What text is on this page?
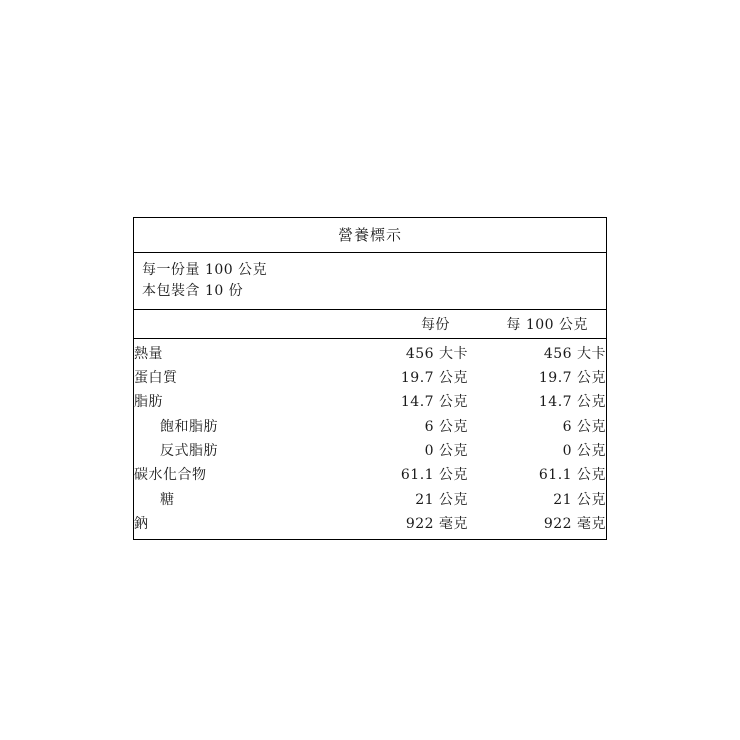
營養標示
每一份量 100 公克
本包裝含 10 份
每份	每 100 公克
熱量	456 大卡	456 大卡
蛋白質	19.7 公克	19.7 公克
脂肪	14.7 公克	14.7 公克
飽和脂肪	6 公克	6 公克
反式脂肪	0 公克	0 公克
碳水化合物	61.1 公克	61.1 公克
糖	21 公克	21 公克
鈉	922 毫克	922 毫克
